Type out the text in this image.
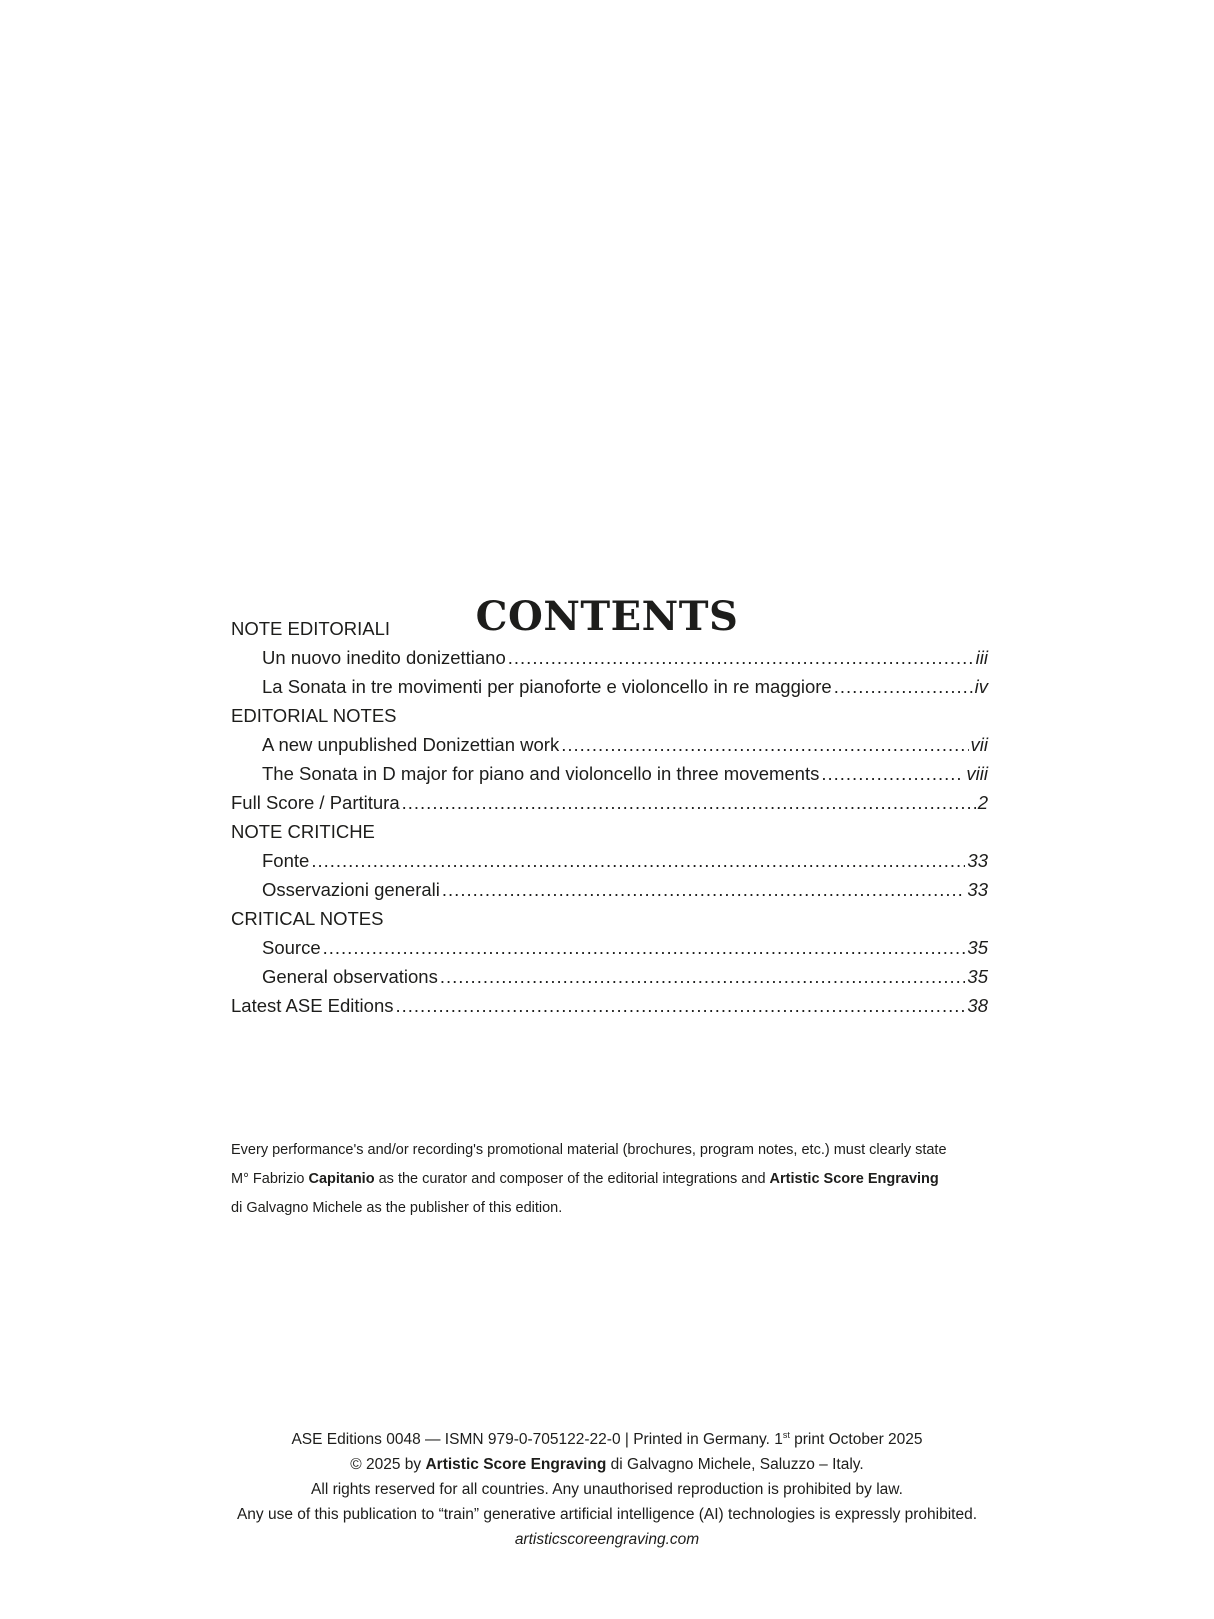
CONTENTS
NOTE EDITORIALI
Un nuovo inedito donizettiano .....	iii
La Sonata in tre movimenti per pianoforte e violoncello in re maggiore .....	iv
EDITORIAL NOTES
A new unpublished Donizettian work .....	vii
The Sonata in D major for piano and violoncello in three movements .....	viii
Full Score / Partitura .....	2
NOTE CRITICHE
Fonte .....	33
Osservazioni generali .....	33
CRITICAL NOTES
Source .....	35
General observations .....	35
Latest ASE Editions .....	38

Every performance's and/or recording's promotional material (brochures, program notes, etc.) must clearly state

M° Fabrizio Capitanio as the curator and composer of the editorial integrations and Artistic Score Engraving

di Galvagno Michele as the publisher of this edition.

ASE Editions 0048 — ISMN 979-0-705122-22-0 | Printed in Germany. 1st print October 2025

© 2025 by Artistic Score Engraving di Galvagno Michele, Saluzzo – Italy.

All rights reserved for all countries. Any unauthorised reproduction is prohibited by law.

Any use of this publication to “train” generative artificial intelligence (AI) technologies is expressly prohibited.

artisticscoreengraving.com
